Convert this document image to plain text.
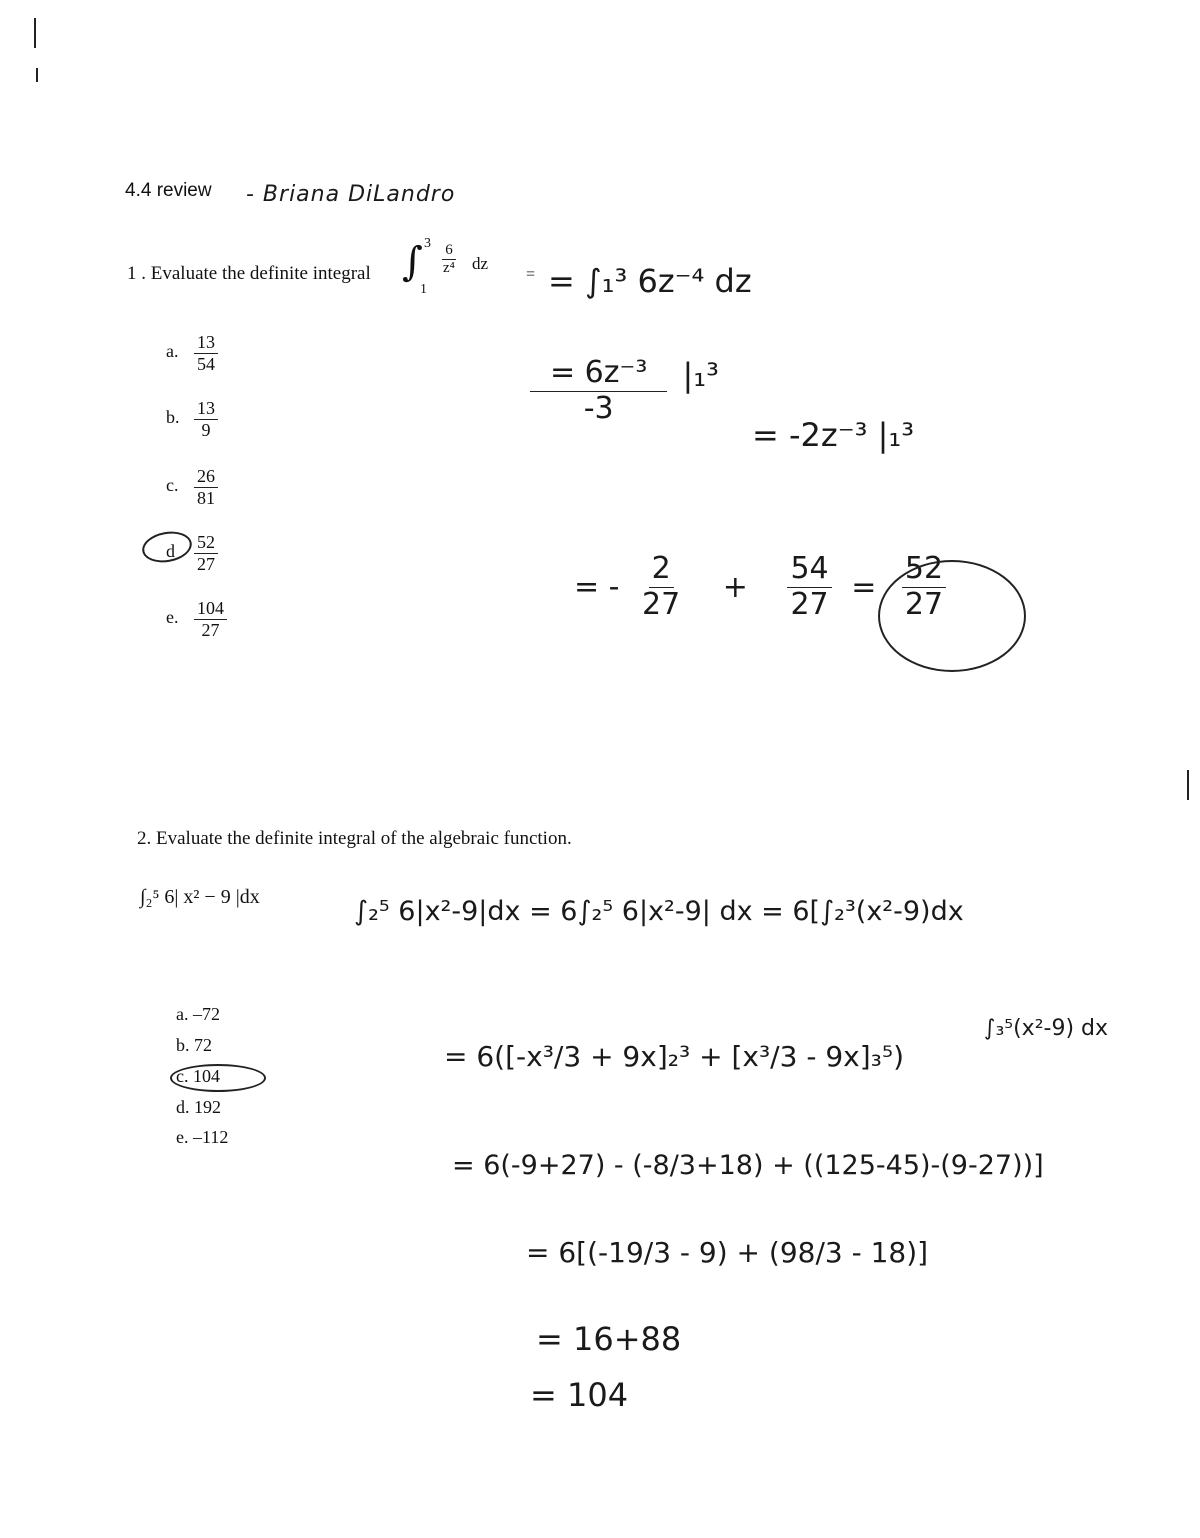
4.4 review - Briana DiLandro
1 . Evaluate the definite integral ∫ 3
1
$\frac{6}{\text{z⁴}}$ dz
=
a. $\frac{13}{54}$
b. $\frac{13}{9}$
c. $\frac{26}{81}$
d $\frac{52}{27}$
e. $\frac{104}{27}$
= ∫₁³ 6z⁻⁴ dz
$\frac{\text{= 6z⁻³}}{-3} |_1^3$
= -2z⁻³ |₁³
= - $\frac{2}{27} + \frac{54}{27} = \frac{52}{27}$
2. Evaluate the definite integral of the algebraic function.
∫₂⁵ 6| x² − 9 |dx
a. –72
b. 72
c. 104
d. 192
e. –112
∫₂⁵ 6|x²-9|dx = 6∫₂⁵ 6|x²-9| dx = 6[∫₂³(x²-9)dx
∫₃⁵(x²-9) dx
= 6([-x³/3 + 9x]₂³ + [x³/3 - 9x]₃⁵)
= 6(-9+27) - (-8/3+18) + ((125-45)-(9-27))]
= 6[(-19/3 - 9) + (98/3 - 18)]
= 16+88
= 104
